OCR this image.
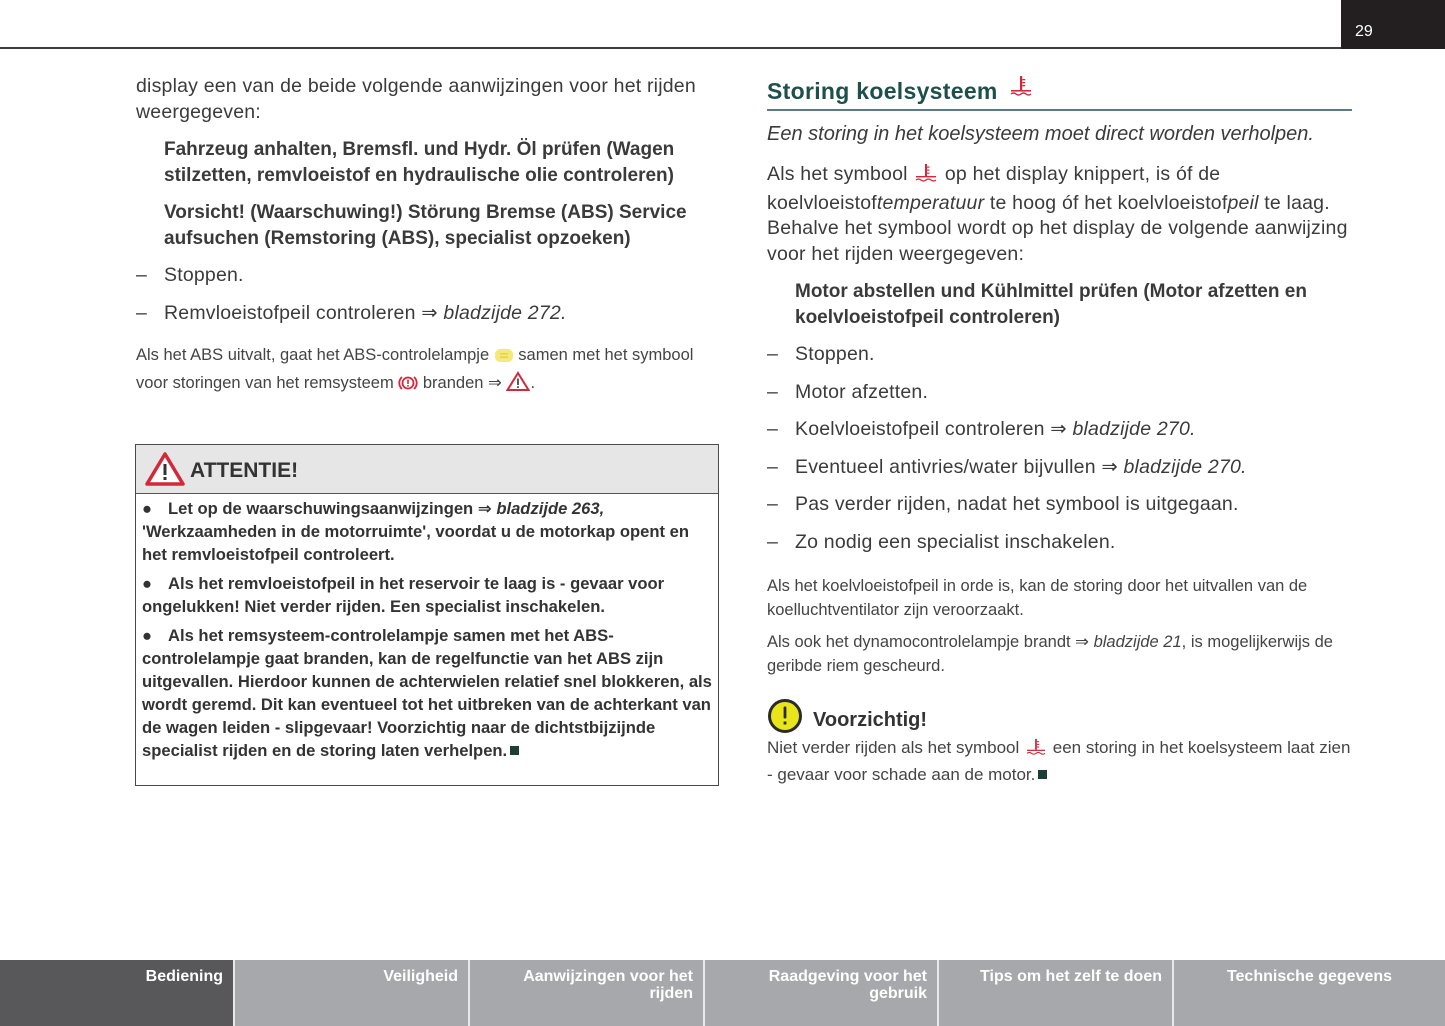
29

display een van de beide volgende aanwijzingen voor het rijden weergegeven:

Fahrzeug anhalten, Bremsfl. und Hydr. Öl prüfen (Wagen stilzetten, remvloeistof en hydraulische olie controleren)

Vorsicht! (Waarschuwing!) Störung Bremse (ABS) Service aufsuchen (Remstoring (ABS), specialist opzoeken)

– Stoppen.
– Remvloeistofpeil controleren ⇒ bladzijde 272.

Als het ABS uitvalt, gaat het ABS-controlelampje  samen met het symbool voor storingen van het remsysteem  branden ⇒ .

ATTENTIE!
● Let op de waarschuwingsaanwijzingen ⇒ bladzijde 263, 'Werkzaamheden in de motorruimte', voordat u de motorkap opent en het remvloeistofpeil controleert.
● Als het remvloeistofpeil in het reservoir te laag is - gevaar voor ongelukken! Niet verder rijden. Een specialist inschakelen.
● Als het remsysteem-controlelampje samen met het ABS-controlelampje gaat branden, kan de regelfunctie van het ABS zijn uitgevallen. Hierdoor kunnen de achterwielen relatief snel blokkeren, als wordt geremd. Dit kan eventueel tot het uitbreken van de achterkant van de wagen leiden - slipgevaar! Voorzichtig naar de dichtstbijzijnde specialist rijden en de storing laten verhelpen.
Storing koelsysteem

Een storing in het koelsysteem moet direct worden verholpen.

Als het symbool  op het display knippert, is óf de koelvloeistoftemperatuur te hoog óf het koelvloeistofpeil te laag. Behalve het symbool wordt op het display de volgende aanwijzing voor het rijden weergegeven:

Motor abstellen und Kühlmittel prüfen (Motor afzetten en koelvloeistofpeil controleren)

– Stoppen.
– Motor afzetten.
– Koelvloeistofpeil controleren ⇒ bladzijde 270.
– Eventueel antivries/water bijvullen ⇒ bladzijde 270.
– Pas verder rijden, nadat het symbool is uitgegaan.
– Zo nodig een specialist inschakelen.

Als het koelvloeistofpeil in orde is, kan de storing door het uitvallen van de koelluchtventilator zijn veroorzaakt.

Als ook het dynamocontrolelampje brandt ⇒ bladzijde 21, is mogelijkerwijs de geribde riem gescheurd.

Voorzichtig!

Niet verder rijden als het symbool  een storing in het koelsysteem laat zien - gevaar voor schade aan de motor.

Bediening	Veiligheid	Aanwijzingen voor het rijden
Raadgeving voor het gebruik
Tips om het zelf te doen	Technische gegevens
